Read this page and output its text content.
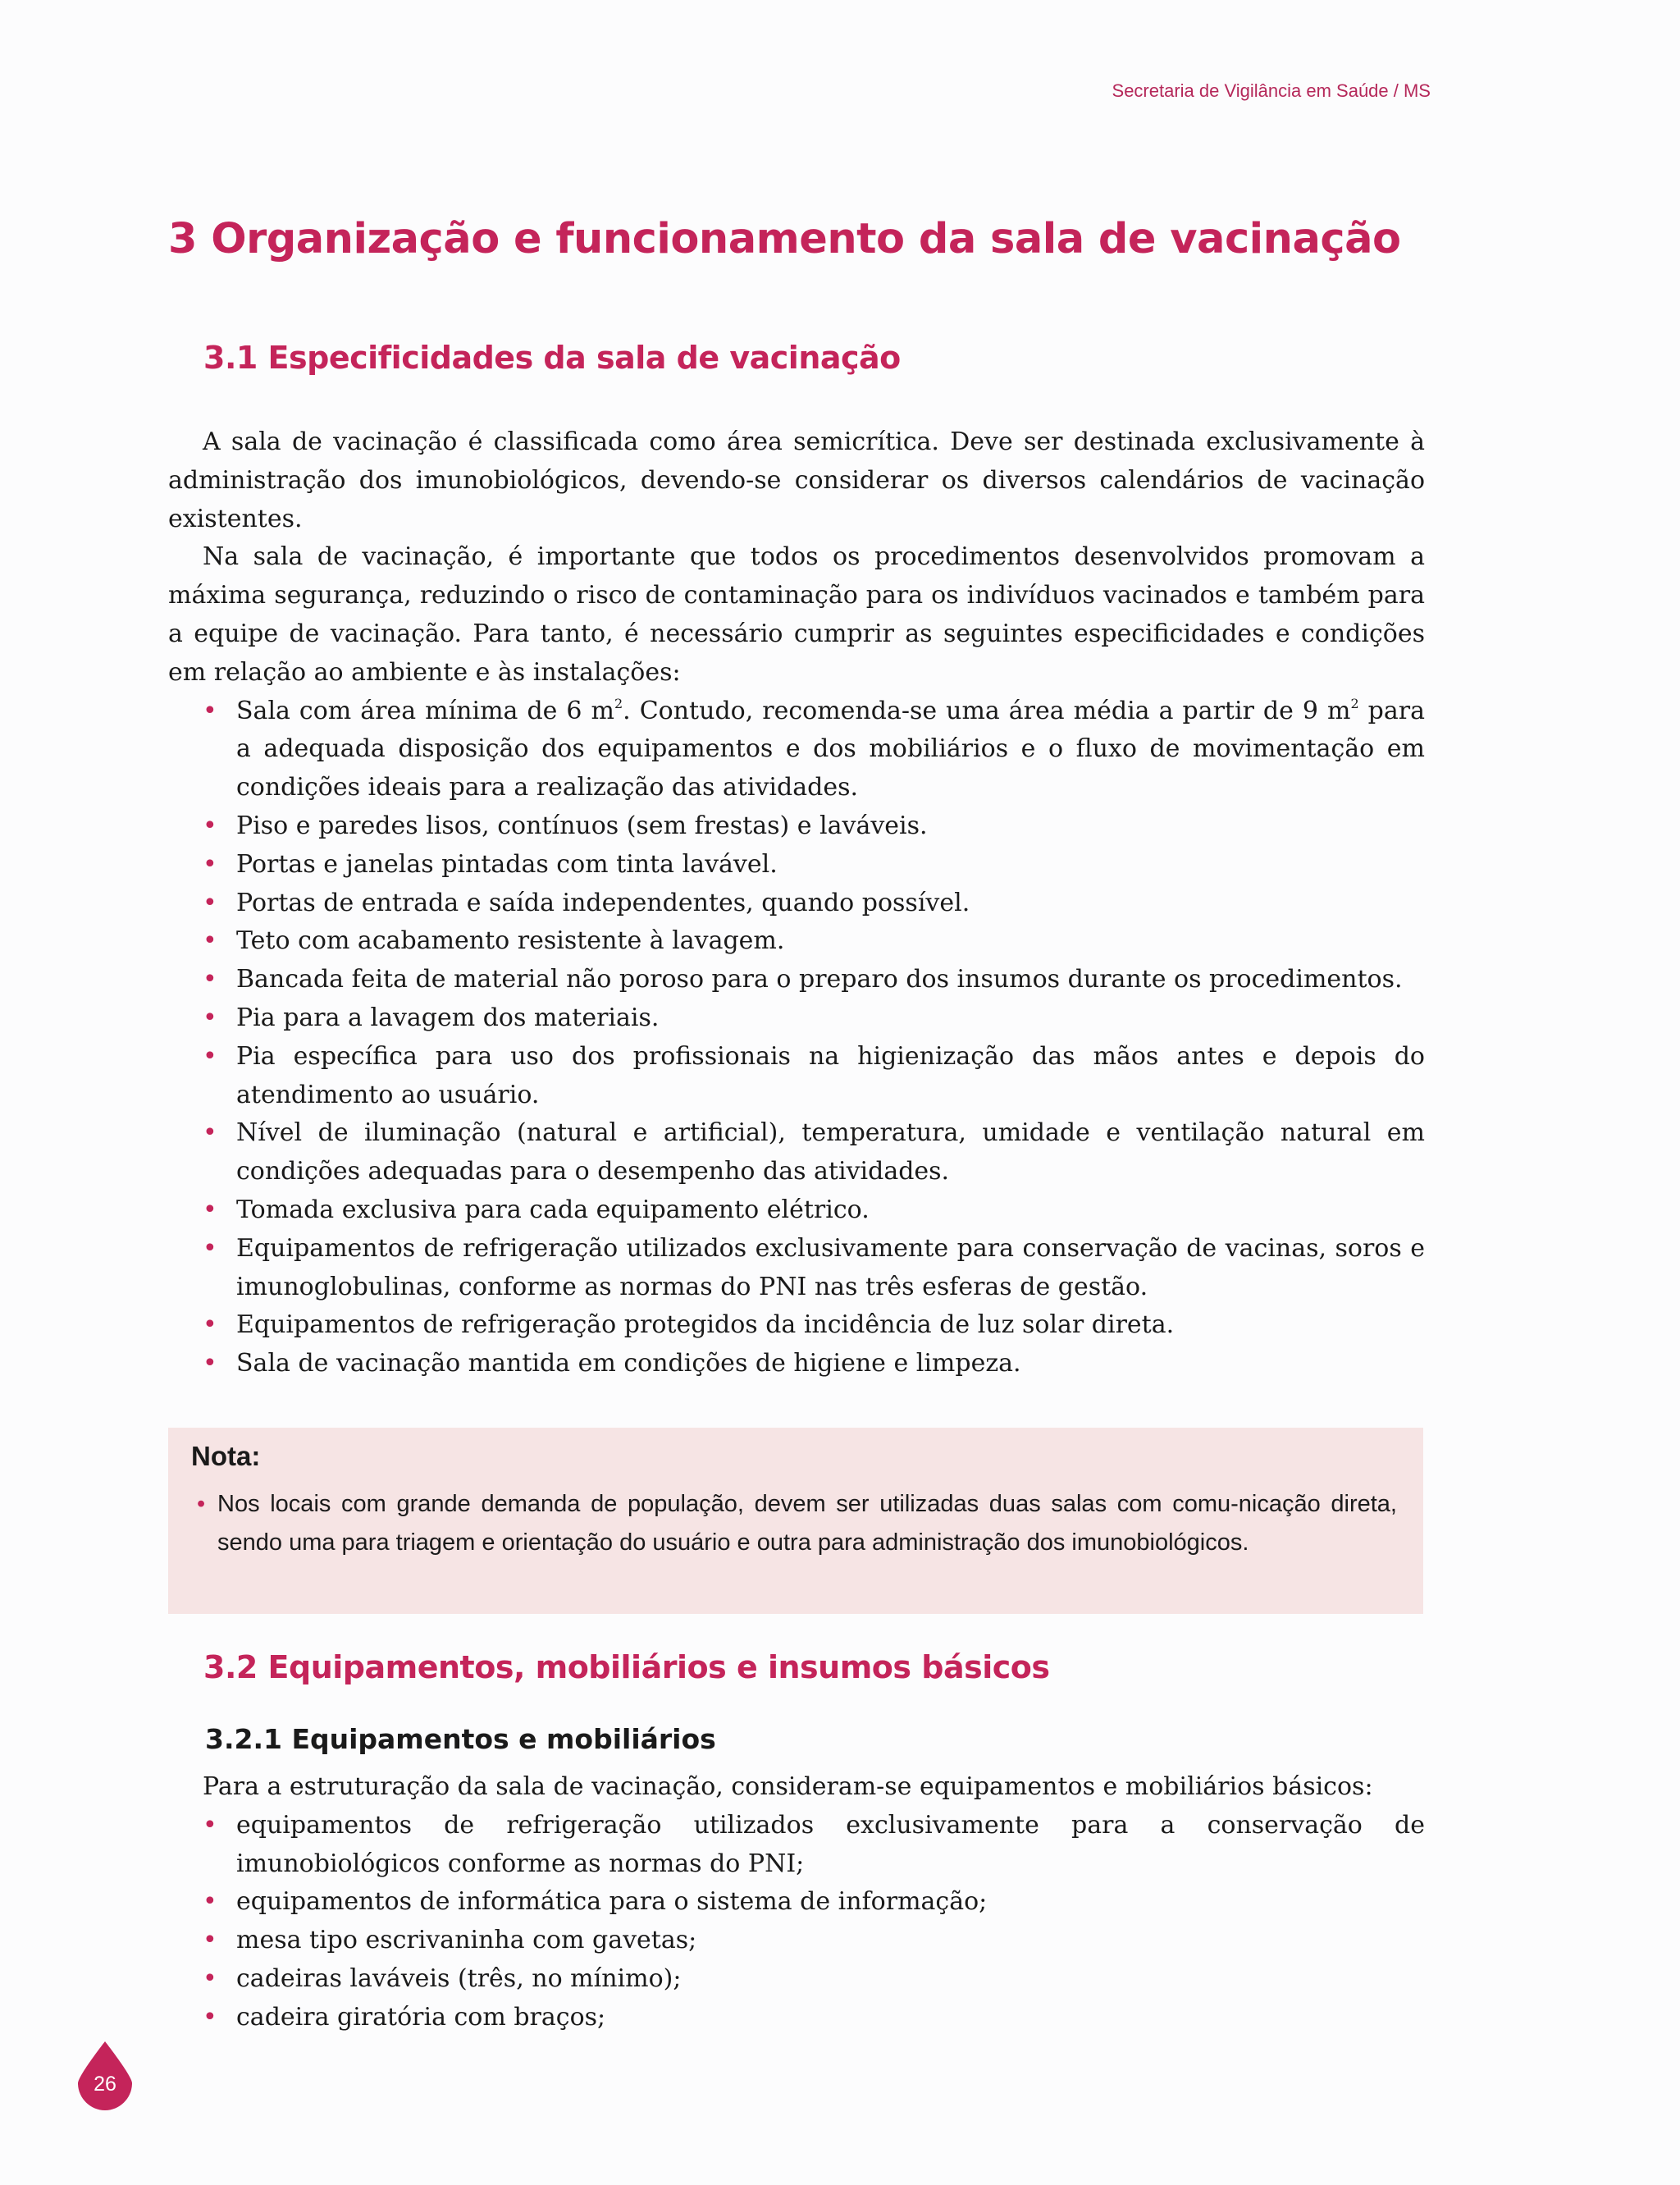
Secretaria de Vigilância em Saúde / MS
3 Organização e funcionamento da sala de vacinação
3.1 Especificidades da sala de vacinação

A sala de vacinação é classificada como área semicrítica. Deve ser destinada exclusivamente à administração dos imunobiológicos, devendo-se considerar os diversos calendários de vacinação existentes.

Na sala de vacinação, é importante que todos os procedimentos desenvolvidos promovam a máxima segurança, reduzindo o risco de contaminação para os indivíduos vacinados e também para a equipe de vacinação. Para tanto, é necessário cumprir as seguintes especificidades e condições em relação ao ambiente e às instalações:

• Sala com área mínima de 6 $m^2$. Contudo, recomenda-se uma área média a partir de 9 $m^2$ para a adequada disposição dos equipamentos e dos mobiliários e o fluxo de movimentação em condições ideais para a realização das atividades.
• Piso e paredes lisos, contínuos (sem frestas) e laváveis.
• Portas e janelas pintadas com tinta lavável.
• Portas de entrada e saída independentes, quando possível.
• Teto com acabamento resistente à lavagem.
• Bancada feita de material não poroso para o preparo dos insumos durante os procedimentos.
• Pia para a lavagem dos materiais.
• Pia específica para uso dos profissionais na higienização das mãos antes e depois do atendimento ao usuário.
• Nível de iluminação (natural e artificial), temperatura, umidade e ventilação natural em condições adequadas para o desempenho das atividades.
• Tomada exclusiva para cada equipamento elétrico.
• Equipamentos de refrigeração utilizados exclusivamente para conservação de vacinas, soros e imunoglobulinas, conforme as normas do PNI nas três esferas de gestão.
• Equipamentos de refrigeração protegidos da incidência de luz solar direta.
• Sala de vacinação mantida em condições de higiene e limpeza.
Nota:
• Nos locais com grande demanda de população, devem ser utilizadas duas salas com comu-nicação direta, sendo uma para triagem e orientação do usuário e outra para administração dos imunobiológicos.
3.2 Equipamentos, mobiliários e insumos básicos
3.2.1 Equipamentos e mobiliários

Para a estruturação da sala de vacinação, consideram-se equipamentos e mobiliários básicos:

• equipamentos de refrigeração utilizados exclusivamente para a conservação de imunobiológicos conforme as normas do PNI;
• equipamentos de informática para o sistema de informação;
• mesa tipo escrivaninha com gavetas;
• cadeiras laváveis (três, no mínimo);
• cadeira giratória com braços;
26
